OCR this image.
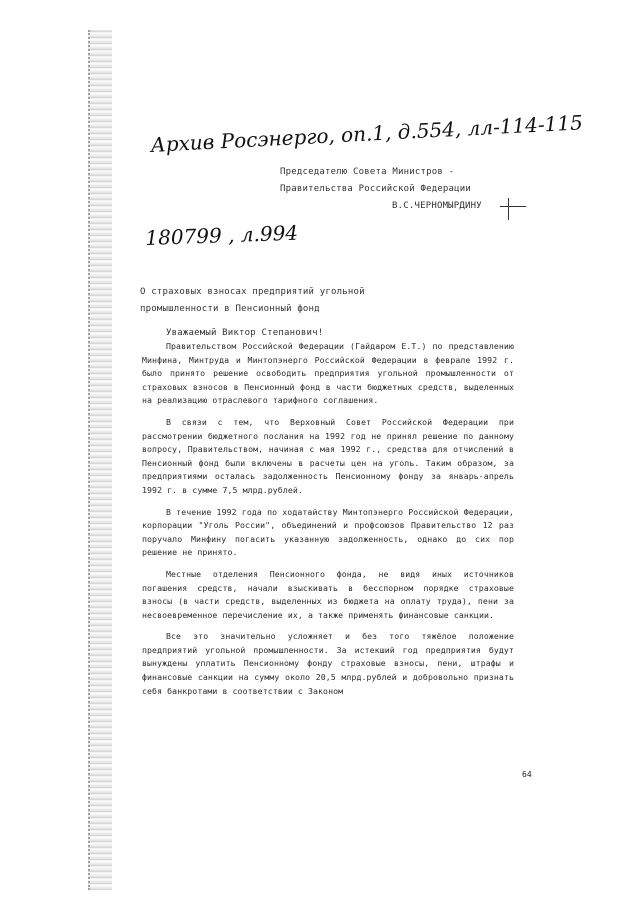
Архив Росэнерго, оп.1, д.554, лл-114-115
180799 , л.994
Председателю Совета Министров -
Правительства Российской Федерации
В.С.ЧЕРНОМЫРДИНУ
О страховых взносах предприятий угольной
промышленности в Пенсионный фонд
Уважаемый Виктор Степанович!

Правительством Российской Федерации (Гайдаром Е.Т.) по представлению Минфина, Минтруда и Минтопэнерго Российской Федерации в феврале 1992 г. было принято решение освободить предприятия угольной промышленности от страховых взносов в Пенсионный фонд в части бюджетных средств, выделенных на реализацию отраслевого тарифного соглашения.

В связи с тем, что Верховный Совет Российской Федерации при рассмотрении бюджетного послания на 1992 год не принял решение по данному вопросу, Правительством, начиная с мая 1992 г., средства для отчислений в Пенсионный фонд были включены в расчеты цен на уголь. Таким образом, за предприятиями осталась задолженность Пенсионному фонду за январь-апрель 1992 г. в сумме 7,5 млрд.рублей.

В течение 1992 года по ходатайству Минтопэнерго Российской Федерации, корпорации "Уголь России", объединений и профсоюзов Правительство 12 раз поручало Минфину погасить указанную задолженность, однако до сих пор решение не принято.

Местные отделения Пенсионного фонда, не видя иных источников погашения средств, начали взыскивать в бесспорном порядке страховые взносы (в части средств, выделенных из бюджета на оплату труда), пени за несвоевременное перечисление их, а также применять финансовые санкции.

Все это значительно усложняет и без того тяжёлое положение предприятий угольной промышленности. За истекший год предприятия будут вынуждены уплатить Пенсионному фонду страховые взносы, пени, штрафы и финансовые санкции на сумму около 20,5 млрд.рублей и добровольно признать себя банкротами в соответствии с Законом

64
